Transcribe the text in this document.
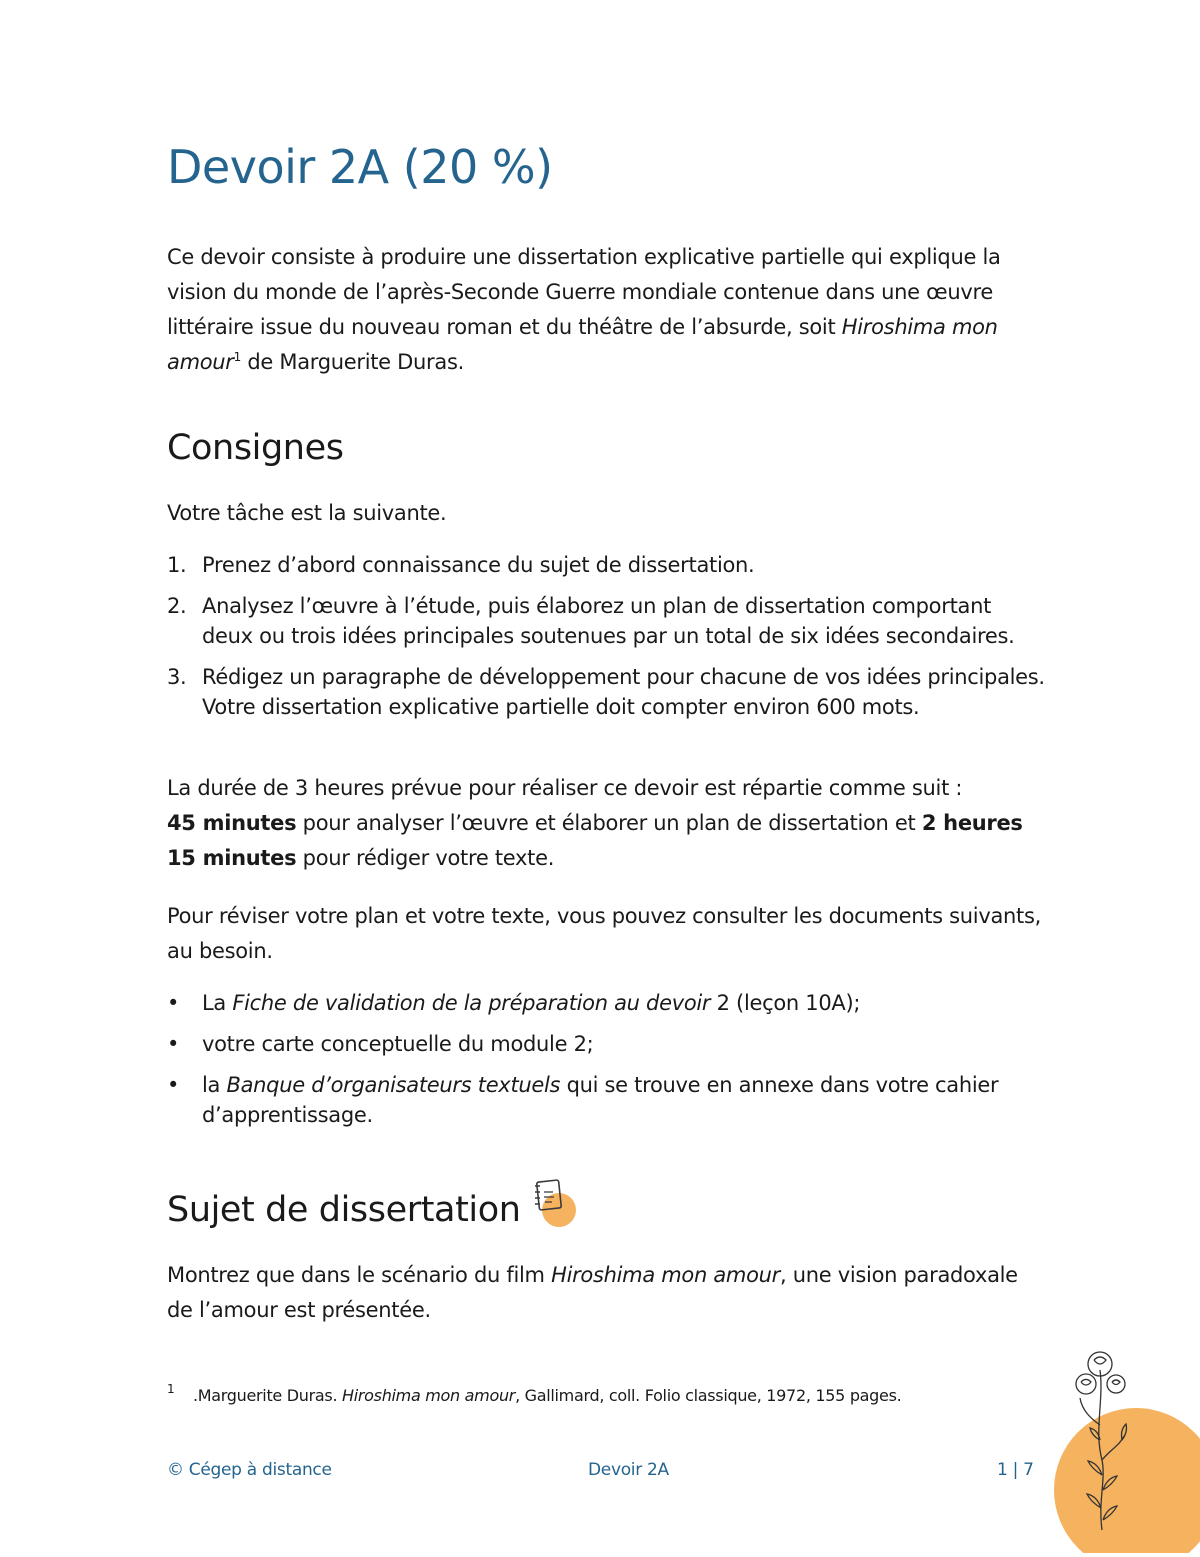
Devoir 2A (20 %)

Ce devoir consiste à produire une dissertation explicative partielle qui explique la vision du monde de l’après-Seconde Guerre mondiale contenue dans une œuvre littéraire issue du nouveau roman et du théâtre de l’absurde, soit Hiroshima mon amour$^1$ de Marguerite Duras.

Consignes

Votre tâche est la suivante.

1. Prenez d’abord connaissance du sujet de dissertation.
2. Analysez l’œuvre à l’étude, puis élaborez un plan de dissertation comportant deux ou trois idées principales soutenues par un total de six idées secondaires.
3. Rédigez un paragraphe de développement pour chacune de vos idées principales. Votre dissertation explicative partielle doit compter environ 600 mots.

La durée de 3 heures prévue pour réaliser ce devoir est répartie comme suit :
45 minutes pour analyser l’œuvre et élaborer un plan de dissertation et 2 heures 15 minutes pour rédiger votre texte.

Pour réviser votre plan et votre texte, vous pouvez consulter les documents suivants, au besoin.

• La Fiche de validation de la préparation au devoir 2 (leçon 10A);
• votre carte conceptuelle du module 2;
• la Banque d’organisateurs textuels qui se trouve en annexe dans votre cahier d’apprentissage.
Sujet de dissertation

Montrez que dans le scénario du film Hiroshima mon amour, une vision paradoxale de l’amour est présentée.

1 .Marguerite Duras. Hiroshima mon amour, Gallimard, coll. Folio classique, 1972, 155 pages.

© Cégep à distance	Devoir 2A	1 | 7
